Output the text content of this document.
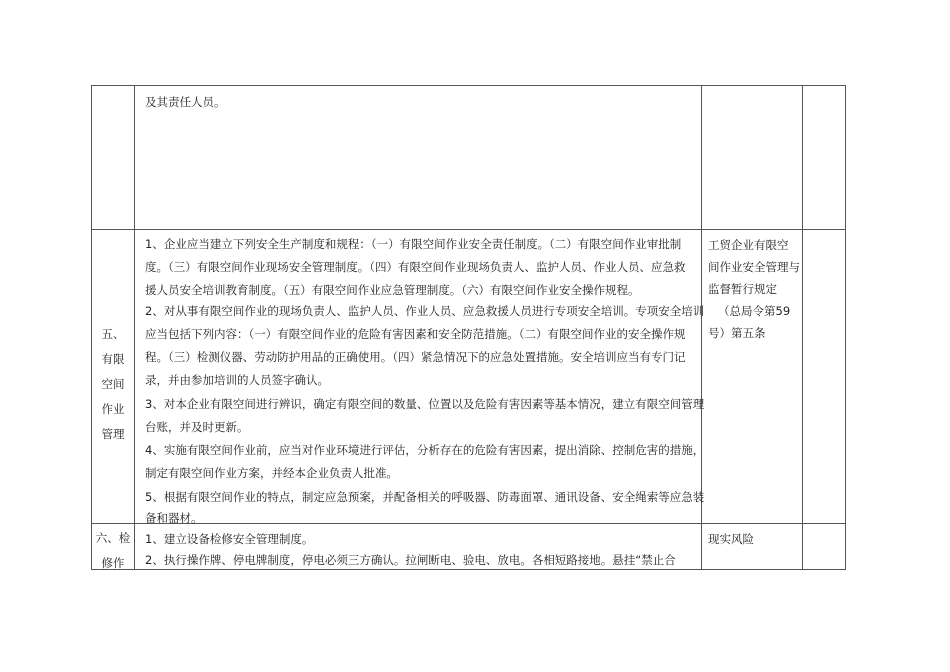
及其责任人员。
五、
有限
空间
作业
管理
1、企业应当建立下列安全生产制度和规程：（一）有限空间作业安全责任制度。（二）有限空间作业审批制
度。（三）有限空间作业现场安全管理制度。（四）有限空间作业现场负责人、监护人员、作业人员、应急救
援人员安全培训教育制度。（五）有限空间作业应急管理制度。（六）有限空间作业安全操作规程。
2、对从事有限空间作业的现场负责人、监护人员、作业人员、应急救援人员进行专项安全培训。专项安全培训
应当包括下列内容：（一）有限空间作业的危险有害因素和安全防范措施。（二）有限空间作业的安全操作规
程。（三）检测仪器、劳动防护用品的正确使用。（四）紧急情况下的应急处置措施。安全培训应当有专门记
录，并由参加培训的人员签字确认。
3、对本企业有限空间进行辨识，确定有限空间的数量、位置以及危险有害因素等基本情况，建立有限空间管理
台账，并及时更新。
4、实施有限空间作业前，应当对作业环境进行评估，分析存在的危险有害因素，提出消除、控制危害的措施，
制定有限空间作业方案，并经本企业负责人批准。
5、根据有限空间作业的特点，制定应急预案，并配备相关的呼吸器、防毒面罩、通讯设备、安全绳索等应急装
备和器材。
工贸企业有限空
间作业安全管理与
监督暂行规定
（总局令第59
号）第五条
六、检
修作
1、建立设备检修安全管理制度。
2、执行操作牌、停电牌制度，停电必须三方确认。拉闸断电、验电、放电。各相短路接地。悬挂“禁止合
现实风险
